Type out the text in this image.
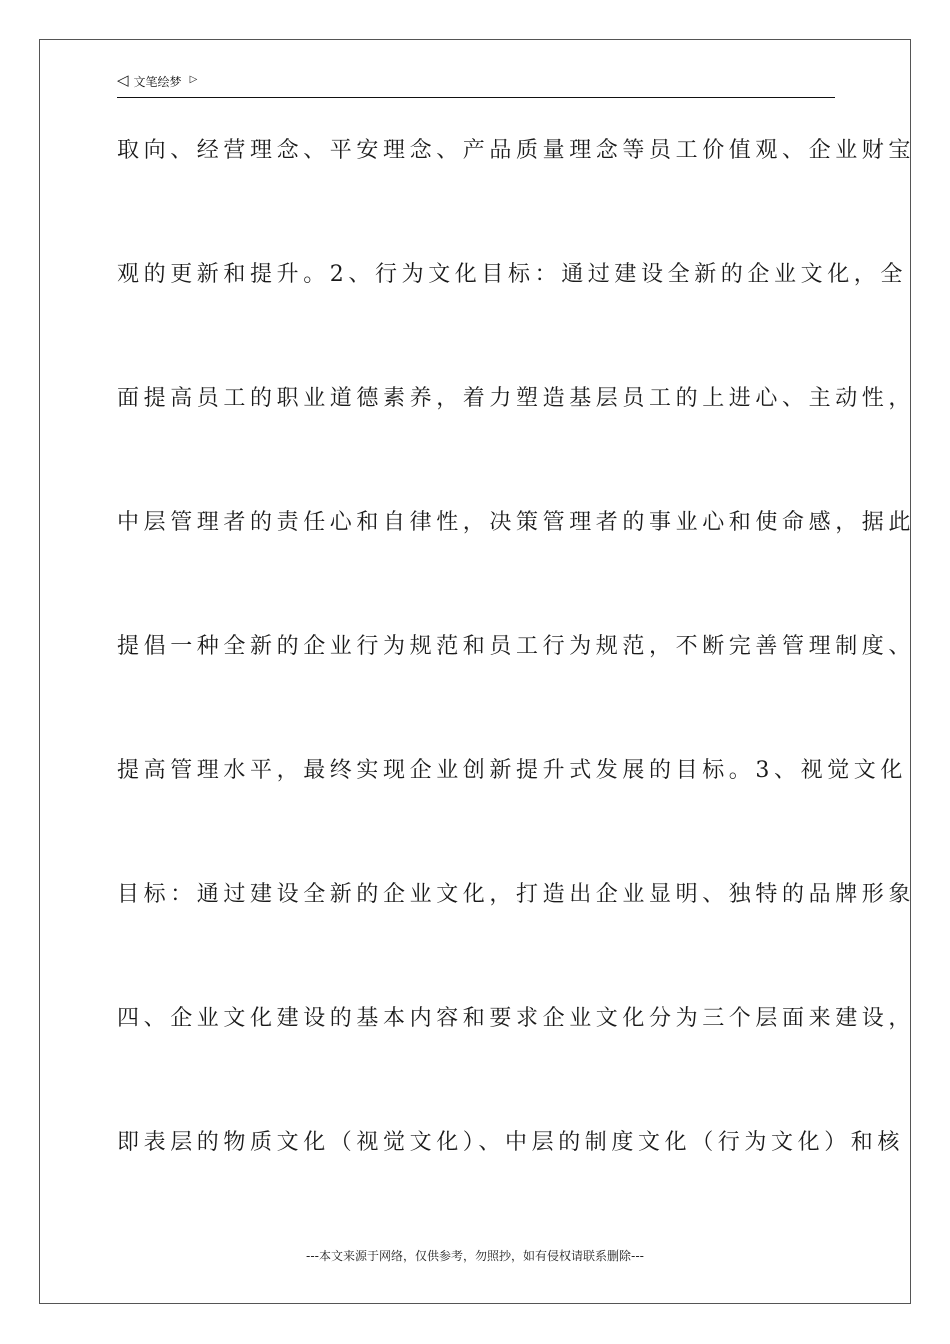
◁ 文笔绘梦 ▷
取向、经营理念、平安理念、产品质量理念等员工价值观、企业财宝
观的更新和提升。2、行为文化目标：通过建设全新的企业文化，全
面提高员工的职业道德素养，着力塑造基层员工的上进心、主动性，
中层管理者的责任心和自律性，决策管理者的事业心和使命感，据此
提倡一种全新的企业行为规范和员工行为规范，不断完善管理制度、
提高管理水平，最终实现企业创新提升式发展的目标。3、视觉文化
目标：通过建设全新的企业文化，打造出企业显明、独特的品牌形象
四、企业文化建设的基本内容和要求企业文化分为三个层面来建设，
即表层的物质文化（视觉文化）、中层的制度文化（行为文化）和核
---本文来源于网络，仅供参考，勿照抄，如有侵权请联系删除---
